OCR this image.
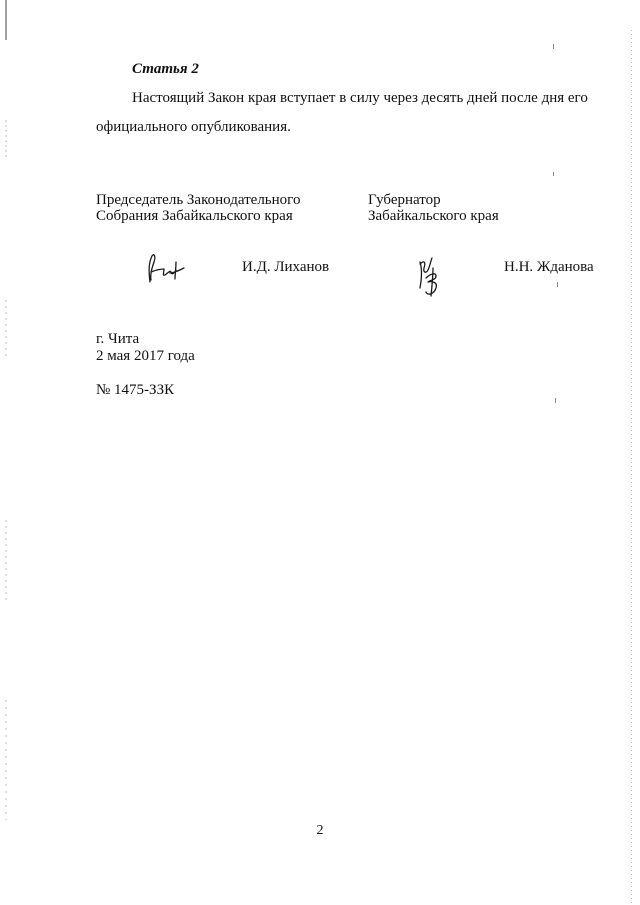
Статья 2
Настоящий Закон края вступает в силу через десять дней после дня его
официального опубликования.
Председатель Законодательного
Собрания Забайкальского края
Губернатор
Забайкальского края
И.Д. Лиханов	Н.Н. Жданова
г. Чита
2 мая 2017 года
№ 1475-ЗЗК
2
